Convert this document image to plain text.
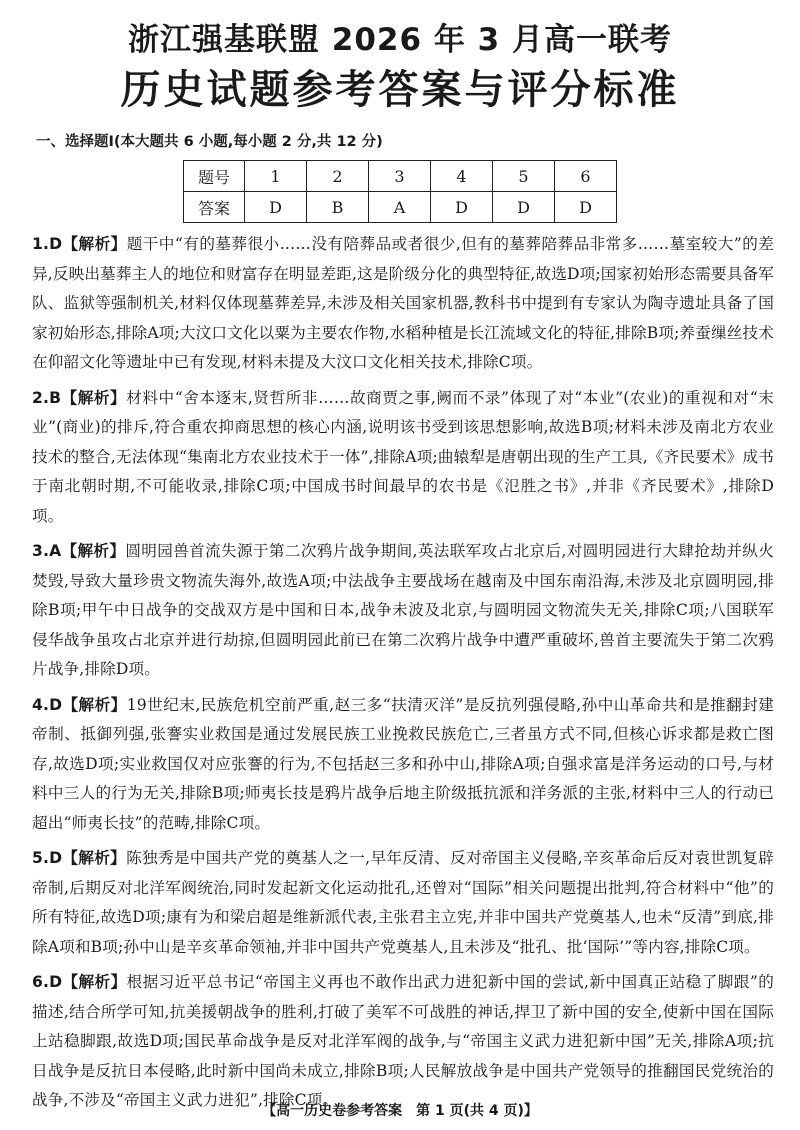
浙江强基联盟 2026 年 3 月高一联考
历史试题参考答案与评分标准
一、选择题Ⅰ(本大题共 6 小题,每小题 2 分,共 12 分)
题号	1	2	3	4	5	6
答案	D	B	A	D	D	D
1.D【解析】题干中“有的墓葬很小……没有陪葬品或者很少,但有的墓葬陪葬品非常多……墓室较大”的差异,反映出墓葬主人的地位和财富存在明显差距,这是阶级分化的典型特征,故选D项;国家初始形态需要具备军队、监狱等强制机关,材料仅体现墓葬差异,未涉及相关国家机器,教科书中提到有专家认为陶寺遗址具备了国家初始形态,排除A项;大汶口文化以粟为主要农作物,水稻种植是长江流域文化的特征,排除B项;养蚕缫丝技术在仰韶文化等遗址中已有发现,材料未提及大汶口文化相关技术,排除C项。
2.B【解析】材料中“舍本逐末,贤哲所非……故商贾之事,阙而不录”体现了对“本业”(农业)的重视和对“末业”(商业)的排斥,符合重农抑商思想的核心内涵,说明该书受到该思想影响,故选B项;材料未涉及南北方农业技术的整合,无法体现“集南北方农业技术于一体”,排除A项;曲辕犁是唐朝出现的生产工具,《齐民要术》成书于南北朝时期,不可能收录,排除C项;中国成书时间最早的农书是《氾胜之书》,并非《齐民要术》,排除D项。
3.A【解析】圆明园兽首流失源于第二次鸦片战争期间,英法联军攻占北京后,对圆明园进行大肆抢劫并纵火焚毁,导致大量珍贵文物流失海外,故选A项;中法战争主要战场在越南及中国东南沿海,未涉及北京圆明园,排除B项;甲午中日战争的交战双方是中国和日本,战争未波及北京,与圆明园文物流失无关,排除C项;八国联军侵华战争虽攻占北京并进行劫掠,但圆明园此前已在第二次鸦片战争中遭严重破坏,兽首主要流失于第二次鸦片战争,排除D项。
4.D【解析】19世纪末,民族危机空前严重,赵三多“扶清灭洋”是反抗列强侵略,孙中山革命共和是推翻封建帝制、抵御列强,张謇实业救国是通过发展民族工业挽救民族危亡,三者虽方式不同,但核心诉求都是救亡图存,故选D项;实业救国仅对应张謇的行为,不包括赵三多和孙中山,排除A项;自强求富是洋务运动的口号,与材料中三人的行为无关,排除B项;师夷长技是鸦片战争后地主阶级抵抗派和洋务派的主张,材料中三人的行动已超出“师夷长技”的范畴,排除C项。
5.D【解析】陈独秀是中国共产党的奠基人之一,早年反清、反对帝国主义侵略,辛亥革命后反对袁世凯复辟帝制,后期反对北洋军阀统治,同时发起新文化运动批孔,还曾对“国际”相关问题提出批判,符合材料中“他”的所有特征,故选D项;康有为和梁启超是维新派代表,主张君主立宪,并非中国共产党奠基人,也未“反清”到底,排除A项和B项;孙中山是辛亥革命领袖,并非中国共产党奠基人,且未涉及“批孔、批‘国际’”等内容,排除C项。
6.D【解析】根据习近平总书记“帝国主义再也不敢作出武力进犯新中国的尝试,新中国真正站稳了脚跟”的描述,结合所学可知,抗美援朝战争的胜利,打破了美军不可战胜的神话,捍卫了新中国的安全,使新中国在国际上站稳脚跟,故选D项;国民革命战争是反对北洋军阀的战争,与“帝国主义武力进犯新中国”无关,排除A项;抗日战争是反抗日本侵略,此时新中国尚未成立,排除B项;人民解放战争是中国共产党领导的推翻国民党统治的战争,不涉及“帝国主义武力进犯”,排除C项。
【高一历史卷参考答案　第 1 页(共 4 页)】
